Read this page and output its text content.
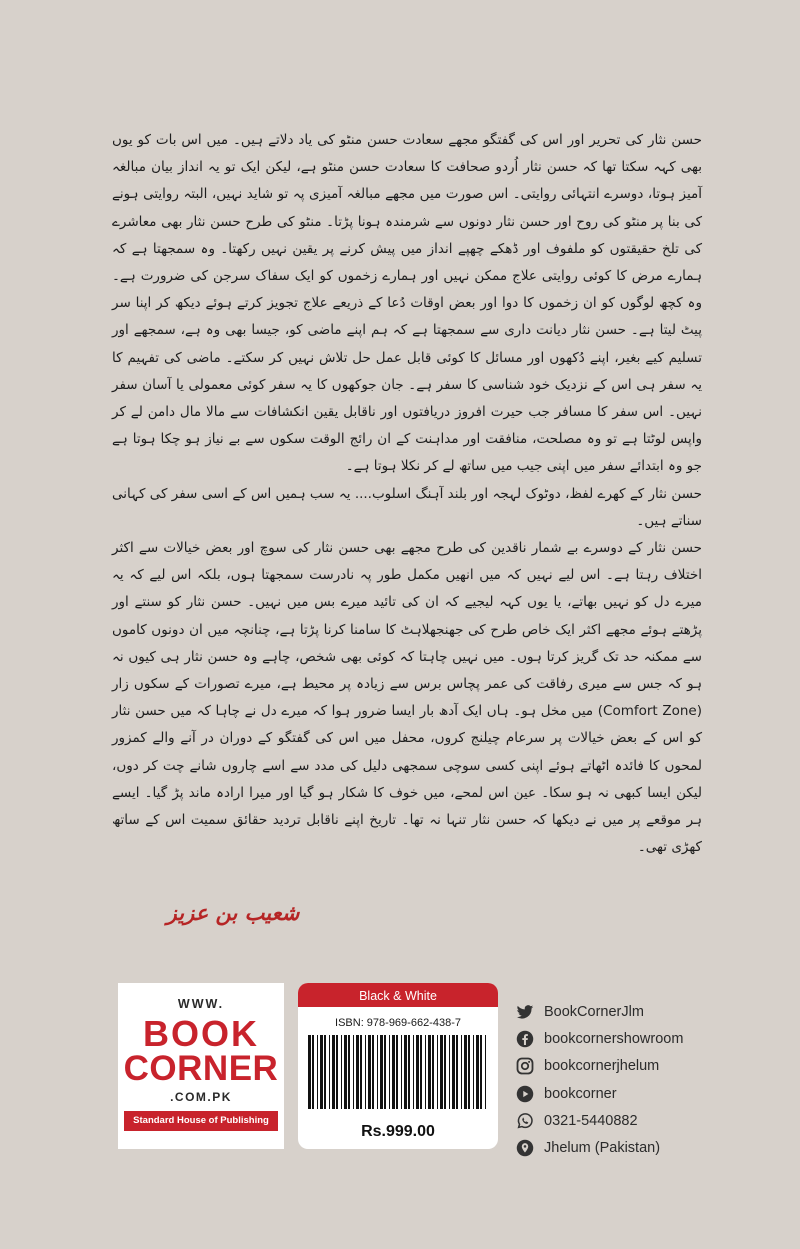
حسن نثار کی تحریر اور اس کی گفتگو مجھے سعادت حسن منٹو کی یاد دلاتے ہیں۔ میں اس بات کو یوں بھی کہہ سکتا تھا کہ حسن نثار اُردو صحافت کا سعادت حسن منٹو ہے، لیکن ایک تو یہ انداز بیان مبالغہ آمیز ہوتا، دوسرے انتہائی روایتی۔ اس صورت میں مجھے مبالغہ آمیزی پہ تو شاید نہیں، البتہ روایتی ہونے کی بنا پر منٹو کی روح اور حسن نثار دونوں سے شرمندہ ہونا پڑتا۔ منٹو کی طرح حسن نثار بھی معاشرے کی تلخ حقیقتوں کو ملفوف اور ڈھکے چھپے انداز میں پیش کرنے پر یقین نہیں رکھتا۔ وہ سمجھتا ہے کہ ہمارے مرض کا کوئی روایتی علاج ممکن نہیں اور ہمارے زخموں کو ایک سفاک سرجن کی ضرورت ہے۔ وہ کچھ لوگوں کو ان زخموں کا دوا اور بعض اوقات دُعا کے ذریعے علاج تجویز کرتے ہوئے دیکھ کر اپنا سر پیٹ لیتا ہے۔ حسن نثار دیانت داری سے سمجھتا ہے کہ ہم اپنے ماضی کو، جیسا بھی وہ ہے، سمجھے اور تسلیم کیے بغیر، اپنے دُکھوں اور مسائل کا کوئی قابل عمل حل تلاش نہیں کر سکتے۔ ماضی کی تفہیم کا یہ سفر ہی اس کے نزدیک خود شناسی کا سفر ہے۔ جان جوکھوں کا یہ سفر کوئی معمولی یا آسان سفر نہیں۔ اس سفر کا مسافر جب حیرت افروز دریافتوں اور ناقابل یقین انکشافات سے مالا مال دامن لے کر واپس لوٹتا ہے تو وہ مصلحت، منافقت اور مداہنت کے ان رائج الوقت سکوں سے بے نیاز ہو چکا ہوتا ہے جو وہ ابتدائے سفر میں اپنی جیب میں ساتھ لے کر نکلا ہوتا ہے۔

حسن نثار کے کھرے لفظ، دوٹوک لہجہ اور بلند آہنگ اسلوب.... یہ سب ہمیں اس کے اسی سفر کی کہانی سناتے ہیں۔

حسن نثار کے دوسرے بے شمار ناقدین کی طرح مجھے بھی حسن نثار کی سوچ اور بعض خیالات سے اکثر اختلاف رہتا ہے۔ اس لیے نہیں کہ میں انھیں مکمل طور پہ نادرست سمجھتا ہوں، بلکہ اس لیے کہ یہ میرے دل کو نہیں بھاتے، یا یوں کہہ لیجیے کہ ان کی تائید میرے بس میں نہیں۔ حسن نثار کو سنتے اور پڑھتے ہوئے مجھے اکثر ایک خاص طرح کی جھنجھلاہٹ کا سامنا کرنا پڑتا ہے، چنانچہ میں ان دونوں کاموں سے ممکنہ حد تک گریز کرتا ہوں۔ میں نہیں چاہتا کہ کوئی بھی شخص، چاہے وہ حسن نثار ہی کیوں نہ ہو کہ جس سے میری رفاقت کی عمر پچاس برس سے زیادہ پر محیط ہے، میرے تصورات کے سکوں زار (Comfort Zone) میں مخل ہو۔ ہاں ایک آدھ بار ایسا ضرور ہوا کہ میرے دل نے چاہا کہ میں حسن نثار کو اس کے بعض خیالات پر سرعام چیلنج کروں، محفل میں اس کی گفتگو کے دوران در آنے والے کمزور لمحوں کا فائدہ اٹھاتے ہوئے اپنی کسی سوچی سمجھی دلیل کی مدد سے اسے چاروں شانے چت کر دوں، لیکن ایسا کبھی نہ ہو سکا۔ عین اس لمحے، میں خوف کا شکار ہو گیا اور میرا ارادہ ماند پڑ گیا۔ ایسے ہر موقعے پر میں نے دیکھا کہ حسن نثار تنہا نہ تھا۔ تاریخ اپنے ناقابل تردید حقائق سمیت اس کے ساتھ کھڑی تھی۔

شعیب بن عزیز
WWW.
BOOK
CORNER
.COM.PK
Standard House of Publishing
Black & White
ISBN: 978-969-662-438-7
Rs.999.00
BookCornerJlm
bookcornershowroom
bookcornerjhelum
bookcorner
0321-5440882
Jhelum (Pakistan)
